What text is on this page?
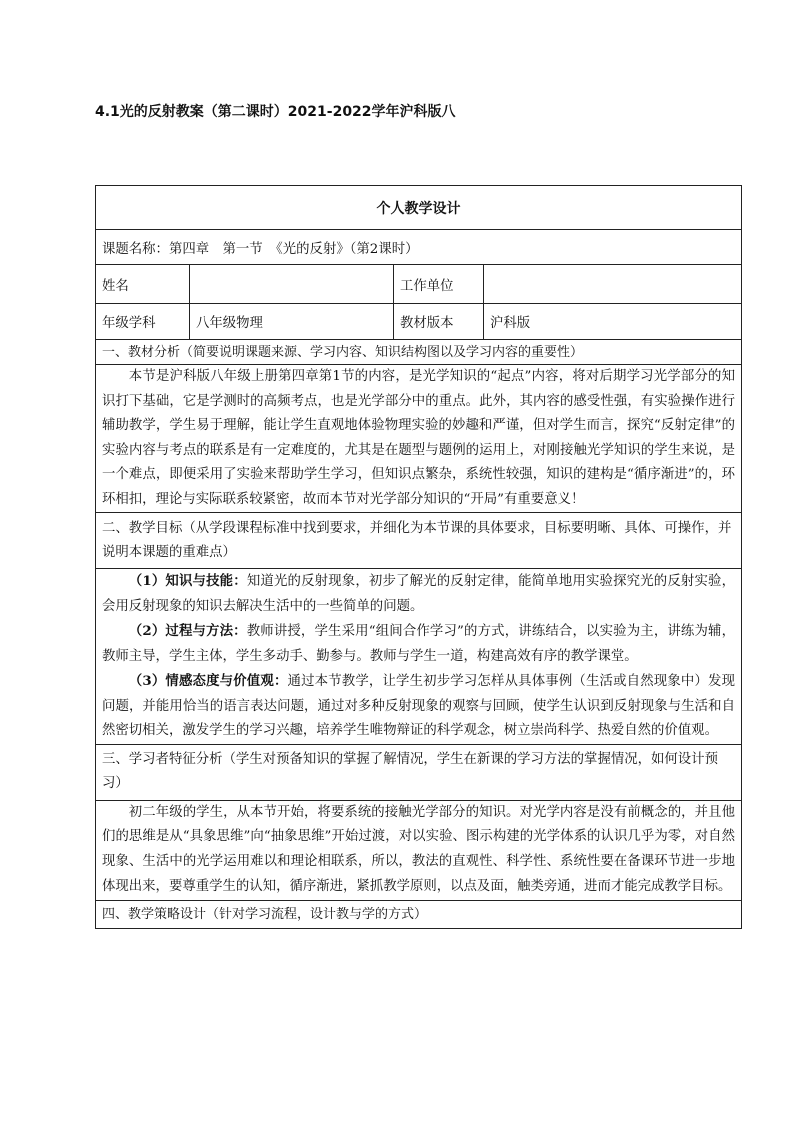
4.1光的反射教案（第二课时）2021-2022学年沪科版八
个人教学设计			
课题名称：第四章　第一节　《光的反射》（第2课时）			
姓名		工作单位	
年级学科	八年级物理	教材版本	沪科版
一、教材分析（简要说明课题来源、学习内容、知识结构图以及学习内容的重要性）			

本节是沪科版八年级上册第四章第1节的内容，是光学知识的“起点”内容，将对后期学习光学部分的知识打下基础，它是学测时的高频考点，也是光学部分中的重点。此外，其内容的感受性强，有实验操作进行辅助教学，学生易于理解，能让学生直观地体验物理实验的妙趣和严谨，但对学生而言，探究“反射定律”的实验内容与考点的联系是有一定难度的，尤其是在题型与题例的运用上，对刚接触光学知识的学生来说，是一个难点，即便采用了实验来帮助学生学习，但知识点繁杂，系统性较强，知识的建构是“循序渐进”的，环环相扣，理论与实际联系较紧密，故而本节对光学部分知识的“开局”有重要意义！			

二、教学目标（从学段课程标准中找到要求，并细化为本节课的具体要求，目标要明晰、具体、可操作，并说明本课题的重难点）			

（1）知识与技能：知道光的反射现象，初步了解光的反射定律，能简单地用实验探究光的反射实验，会用反射现象的知识去解决生活中的一些简单的问题。

（2）过程与方法：教师讲授，学生采用“组间合作学习”的方式，讲练结合，以实验为主，讲练为辅，教师主导，学生主体，学生多动手、勤参与。教师与学生一道，构建高效有序的教学课堂。

（3）情感态度与价值观：通过本节教学，让学生初步学习怎样从具体事例（生活或自然现象中）发现问题，并能用恰当的语言表达问题，通过对多种反射现象的观察与回顾，使学生认识到反射现象与生活和自然密切相关，激发学生的学习兴趣，培养学生唯物辩证的科学观念，树立崇尚科学、热爱自然的价值观。			

三、学习者特征分析（学生对预备知识的掌握了解情况，学生在新课的学习方法的掌握情况，如何设计预习）			

初二年级的学生，从本节开始，将要系统的接触光学部分的知识。对光学内容是没有前概念的，并且他们的思维是从“具象思维”向“抽象思维”开始过渡，对以实验、图示构建的光学体系的认识几乎为零，对自然现象、生活中的光学运用难以和理论相联系，所以，教法的直观性、科学性、系统性要在备课环节进一步地体现出来，要尊重学生的认知，循序渐进，紧抓教学原则，以点及面，触类旁通，进而才能完成教学目标。			

四、教学策略设计（针对学习流程，设计教与学的方式）			
